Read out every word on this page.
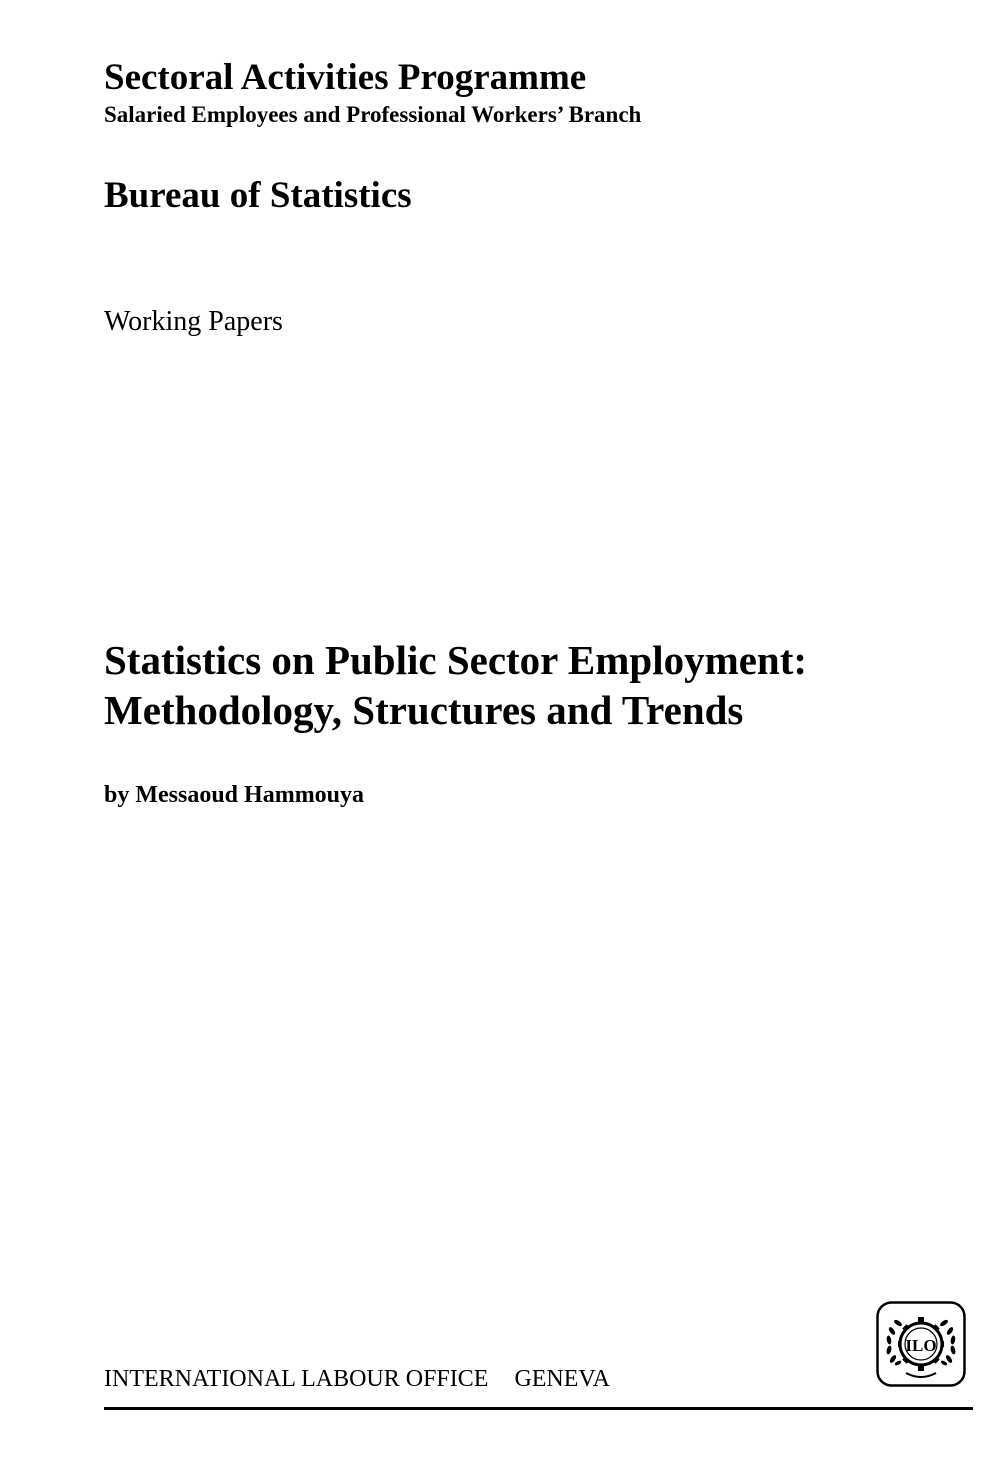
Sectoral Activities Programme
Salaried Employees and Professional Workers’ Branch
Bureau of Statistics
Working Papers
Statistics on Public Sector Employment:
Methodology, Structures and Trends
by Messaoud Hammouya
INTERNATIONAL LABOUR OFFICE GENEVA
ILO
